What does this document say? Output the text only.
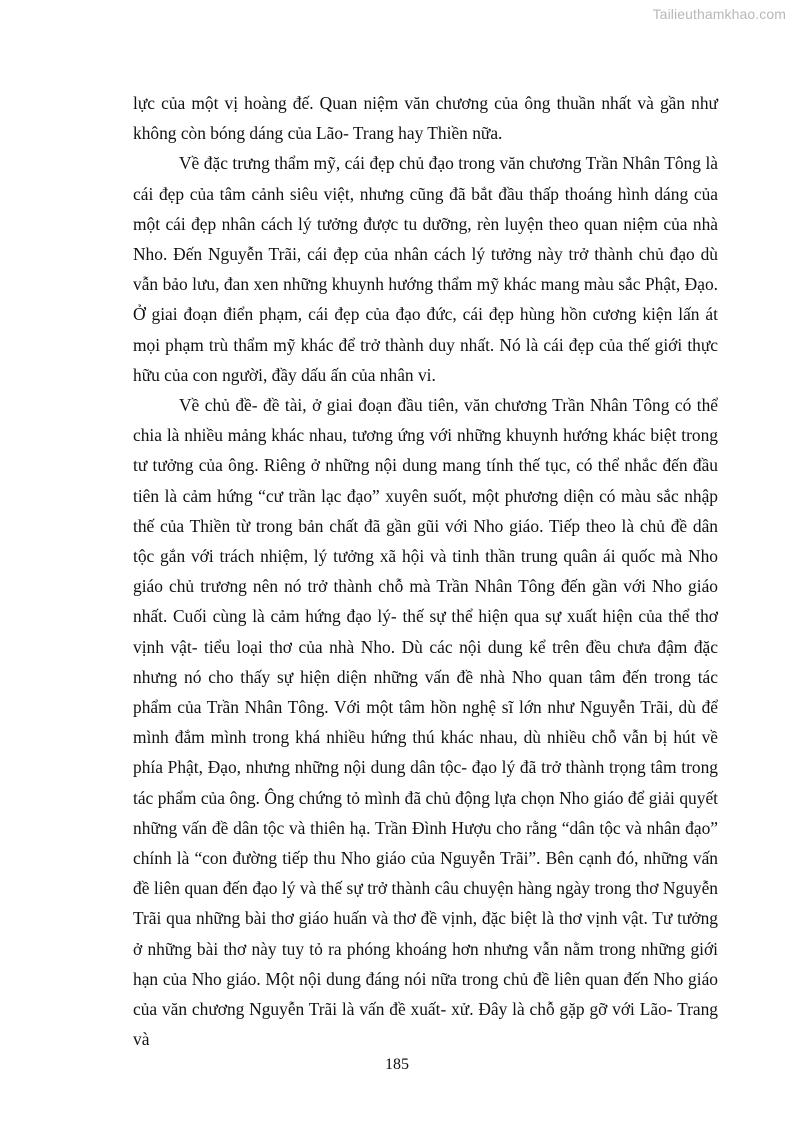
Tailieuthamkhao.com

lực của một vị hoàng đế. Quan niệm văn chương của ông thuần nhất và gần như không còn bóng dáng của Lão- Trang hay Thiền nữa.

Về đặc trưng thẩm mỹ, cái đẹp chủ đạo trong văn chương Trần Nhân Tông là cái đẹp của tâm cảnh siêu việt, nhưng cũng đã bắt đầu thấp thoáng hình dáng của một cái đẹp nhân cách lý tưởng được tu dưỡng, rèn luyện theo quan niệm của nhà Nho. Đến Nguyễn Trãi, cái đẹp của nhân cách lý tưởng này trở thành chủ đạo dù vẫn bảo lưu, đan xen những khuynh hướng thẩm mỹ khác mang màu sắc Phật, Đạo. Ở giai đoạn điển phạm, cái đẹp của đạo đức, cái đẹp hùng hồn cương kiện lấn át mọi phạm trù thẩm mỹ khác để trở thành duy nhất. Nó là cái đẹp của thế giới thực hữu của con người, đầy dấu ấn của nhân vi.

Về chủ đề- đề tài, ở giai đoạn đầu tiên, văn chương Trần Nhân Tông có thể chia là nhiều mảng khác nhau, tương ứng với những khuynh hướng khác biệt trong tư tưởng của ông. Riêng ở những nội dung mang tính thế tục, có thể nhắc đến đầu tiên là cảm hứng “cư trần lạc đạo” xuyên suốt, một phương diện có màu sắc nhập thế của Thiền từ trong bản chất đã gần gũi với Nho giáo. Tiếp theo là chủ đề dân tộc gắn với trách nhiệm, lý tưởng xã hội và tinh thần trung quân ái quốc mà Nho giáo chủ trương nên nó trở thành chỗ mà Trần Nhân Tông đến gần với Nho giáo nhất. Cuối cùng là cảm hứng đạo lý- thế sự thể hiện qua sự xuất hiện của thể thơ vịnh vật- tiểu loại thơ của nhà Nho. Dù các nội dung kể trên đều chưa đậm đặc nhưng nó cho thấy sự hiện diện những vấn đề nhà Nho quan tâm đến trong tác phẩm của Trần Nhân Tông. Với một tâm hồn nghệ sĩ lớn như Nguyễn Trãi, dù để mình đắm mình trong khá nhiều hứng thú khác nhau, dù nhiều chỗ vẫn bị hút về phía Phật, Đạo, nhưng những nội dung dân tộc- đạo lý đã trở thành trọng tâm trong tác phẩm của ông. Ông chứng tỏ mình đã chủ động lựa chọn Nho giáo để giải quyết những vấn đề dân tộc và thiên hạ. Trần Đình Hượu cho rằng “dân tộc và nhân đạo” chính là “con đường tiếp thu Nho giáo của Nguyễn Trãi”. Bên cạnh đó, những vấn đề liên quan đến đạo lý và thế sự trở thành câu chuyện hàng ngày trong thơ Nguyễn Trãi qua những bài thơ giáo huấn và thơ đề vịnh, đặc biệt là thơ vịnh vật. Tư tưởng ở những bài thơ này tuy tỏ ra phóng khoáng hơn nhưng vẫn nằm trong những giới hạn của Nho giáo. Một nội dung đáng nói nữa trong chủ đề liên quan đến Nho giáo của văn chương Nguyễn Trãi là vấn đề xuất- xử. Đây là chỗ gặp gỡ với Lão- Trang và

185
